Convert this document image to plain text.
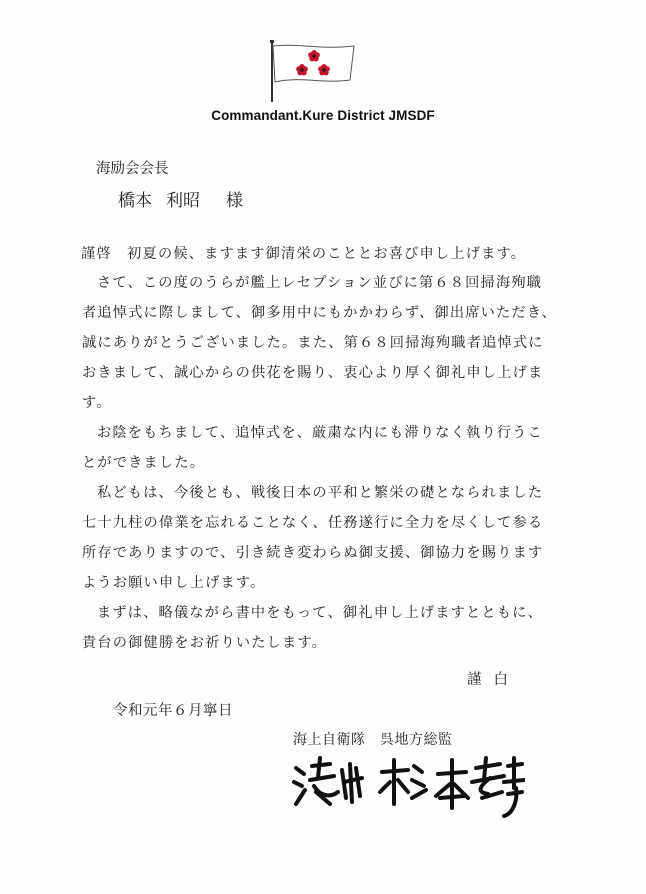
Commandant.Kure District JMSDF
海励会会長
橋本 利昭 様
謹啓　初夏の候、ますます御清栄のこととお喜び申し上げます。
さて、この度のうらが艦上レセプション並びに第６８回掃海殉職
者追悼式に際しまして、御多用中にもかかわらず、御出席いただき、
誠にありがとうございました。また、第６８回掃海殉職者追悼式に
おきまして、誠心からの供花を賜り、衷心より厚く御礼申し上げま
す。
お陰をもちまして、追悼式を、厳粛な内にも滞りなく執り行うこ
とができました。
私どもは、今後とも、戦後日本の平和と繁栄の礎となられました
七十九柱の偉業を忘れることなく、任務遂行に全力を尽くして参る
所存でありますので、引き続き変わらぬ御支援、御協力を賜ります
ようお願い申し上げます。
まずは、略儀ながら書中をもって、御礼申し上げますとともに、
貴台の御健勝をお祈りいたします。
謹白
令和元年６月寧日
海上自衛隊　呉地方総監
